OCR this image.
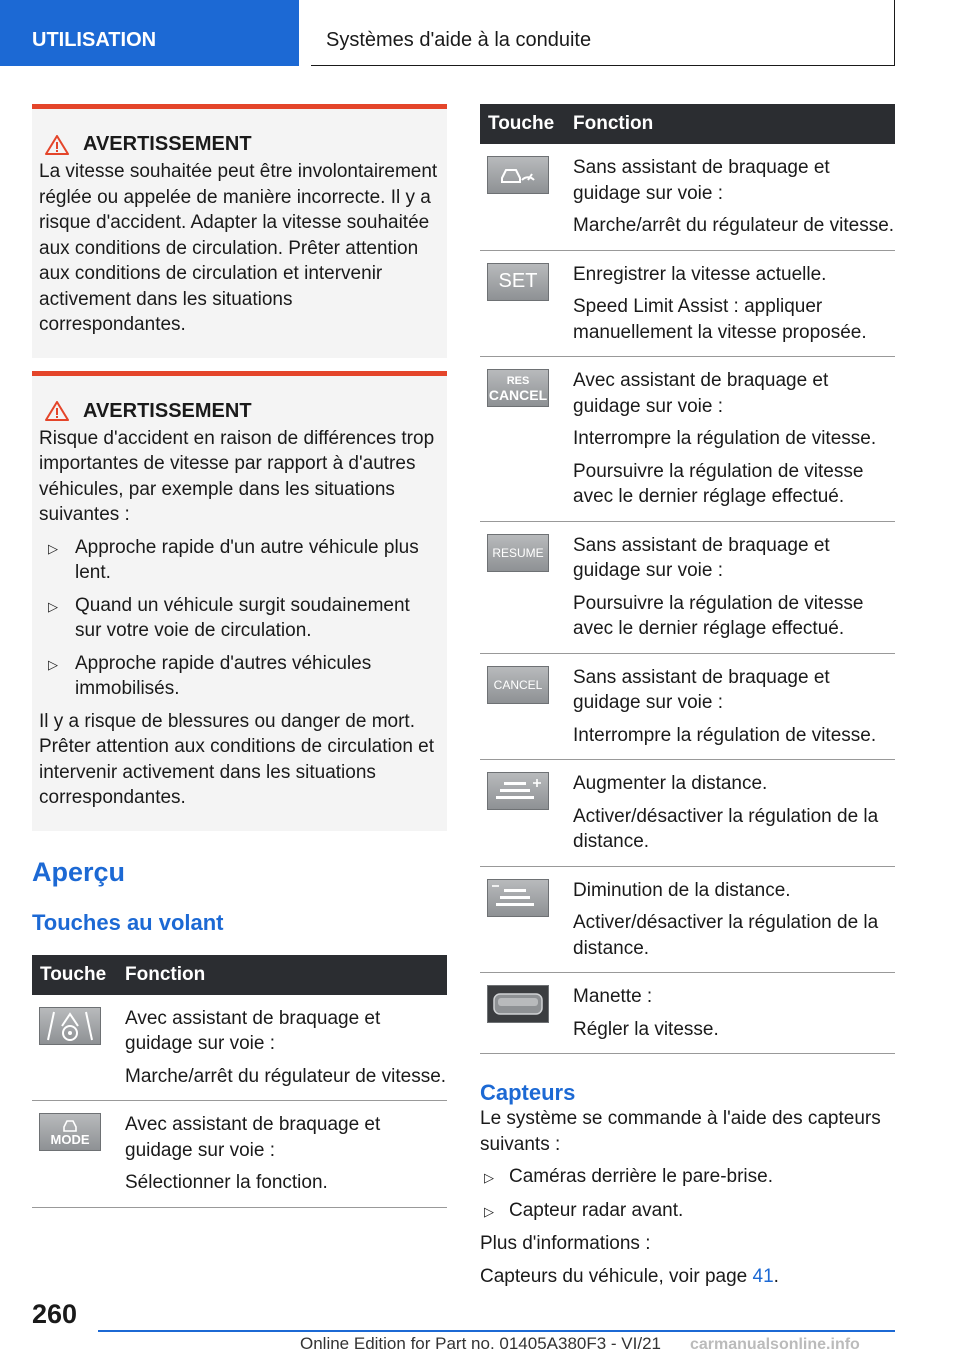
UTILISATION	Systèmes d'aide à la conduite
AVERTISSEMENT

La vitesse souhaitée peut être involontairement réglée ou appelée de manière incorrecte. Il y a risque d'accident. Adapter la vitesse souhaitée aux conditions de circulation. Prêter attention aux conditions de circulation et intervenir activement dans les situations correspondantes.

AVERTISSEMENT

Risque d'accident en raison de différences trop importantes de vitesse par rapport à d'autres véhicules, par exemple dans les situations suivantes :

▷ Approche rapide d'un autre véhicule plus lent.
▷ Quand un véhicule surgit soudainement sur votre voie de circulation.
▷ Approche rapide d'autres véhicules immobilisés.

Il y a risque de blessures ou danger de mort. Prêter attention aux conditions de circulation et intervenir activement dans les situations correspondantes.

Aperçu
Touches au volant
Touche Fonction

Avec assistant de braquage et guidage sur voie :

Marche/arrêt du régulateur de vitesse.

MODE

Avec assistant de braquage et guidage sur voie :

Sélectionner la fonction.

Touche Fonction

Sans assistant de braquage et guidage sur voie :

Marche/arrêt du régulateur de vitesse.

SET Enregistrer la vitesse actuelle.

Speed Limit Assist : appliquer manuellement la vitesse proposée.

RES
CANCEL

Avec assistant de braquage et guidage sur voie :

Interrompre la régulation de vitesse.

Poursuivre la régulation de vitesse avec le dernier réglage effectué.

RESUME Sans assistant de braquage et guidage sur voie :

Poursuivre la régulation de vitesse avec le dernier réglage effectué.

CANCEL Sans assistant de braquage et guidage sur voie :

Interrompre la régulation de vitesse.

Augmenter la distance.

Activer/désactiver la régulation de la distance.

Diminution de la distance.

Activer/désactiver la régulation de la distance.

Manette :

Régler la vitesse.

Capteurs

Le système se commande à l'aide des capteurs suivants :

▷ Caméras derrière le pare-brise.
▷ Capteur radar avant.

Plus d'informations :

Capteurs du véhicule, voir page 41.

260
Online Edition for Part no. 01405A380F3 - VI/21 carmanualsonline.info
